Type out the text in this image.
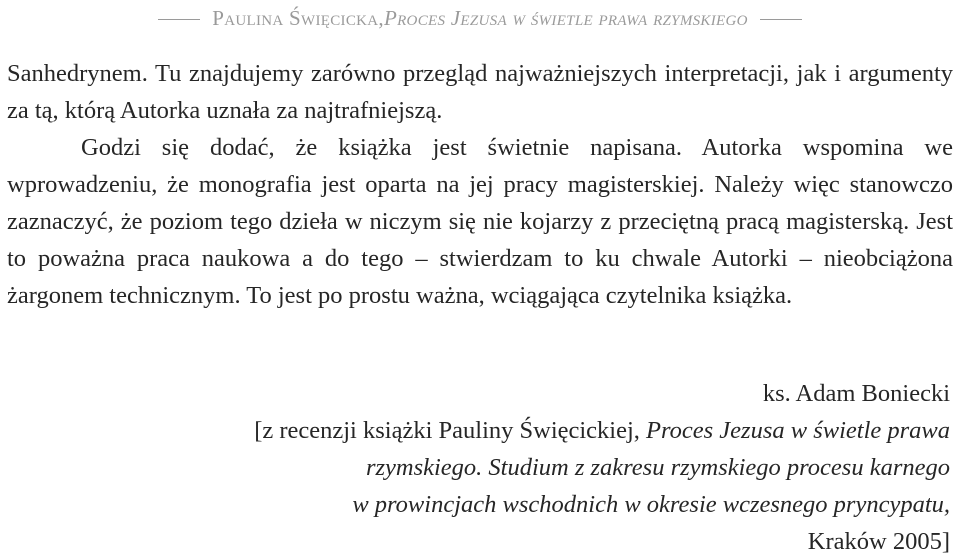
Paulina Święcicka, Proces Jezusa w świetle prawa rzymskiego

Sanhedrynem. Tu znajdujemy zarówno przegląd najważniejszych interpretacji, jak i argumenty za tą, którą Autorka uznała za najtrafniejszą.

Godzi się dodać, że książka jest świetnie napisana. Autorka wspomina we wprowadzeniu, że monografia jest oparta na jej pracy magisterskiej. Należy więc stanowczo zaznaczyć, że poziom tego dzieła w niczym się nie kojarzy z przeciętną pracą magisterską. Jest to poważna praca naukowa a do tego – stwierdzam to ku chwale Autorki – nieobciążona żargonem technicznym. To jest po prostu ważna, wciągająca czytelnika książka.

ks. Adam Boniecki
[z recenzji książki Pauliny Święcickiej, Proces Jezusa w świetle prawa
rzymskiego. Studium z zakresu rzymskiego procesu karnego
w prowincjach wschodnich w okresie wczesnego pryncypatu,
Kraków 2005]
